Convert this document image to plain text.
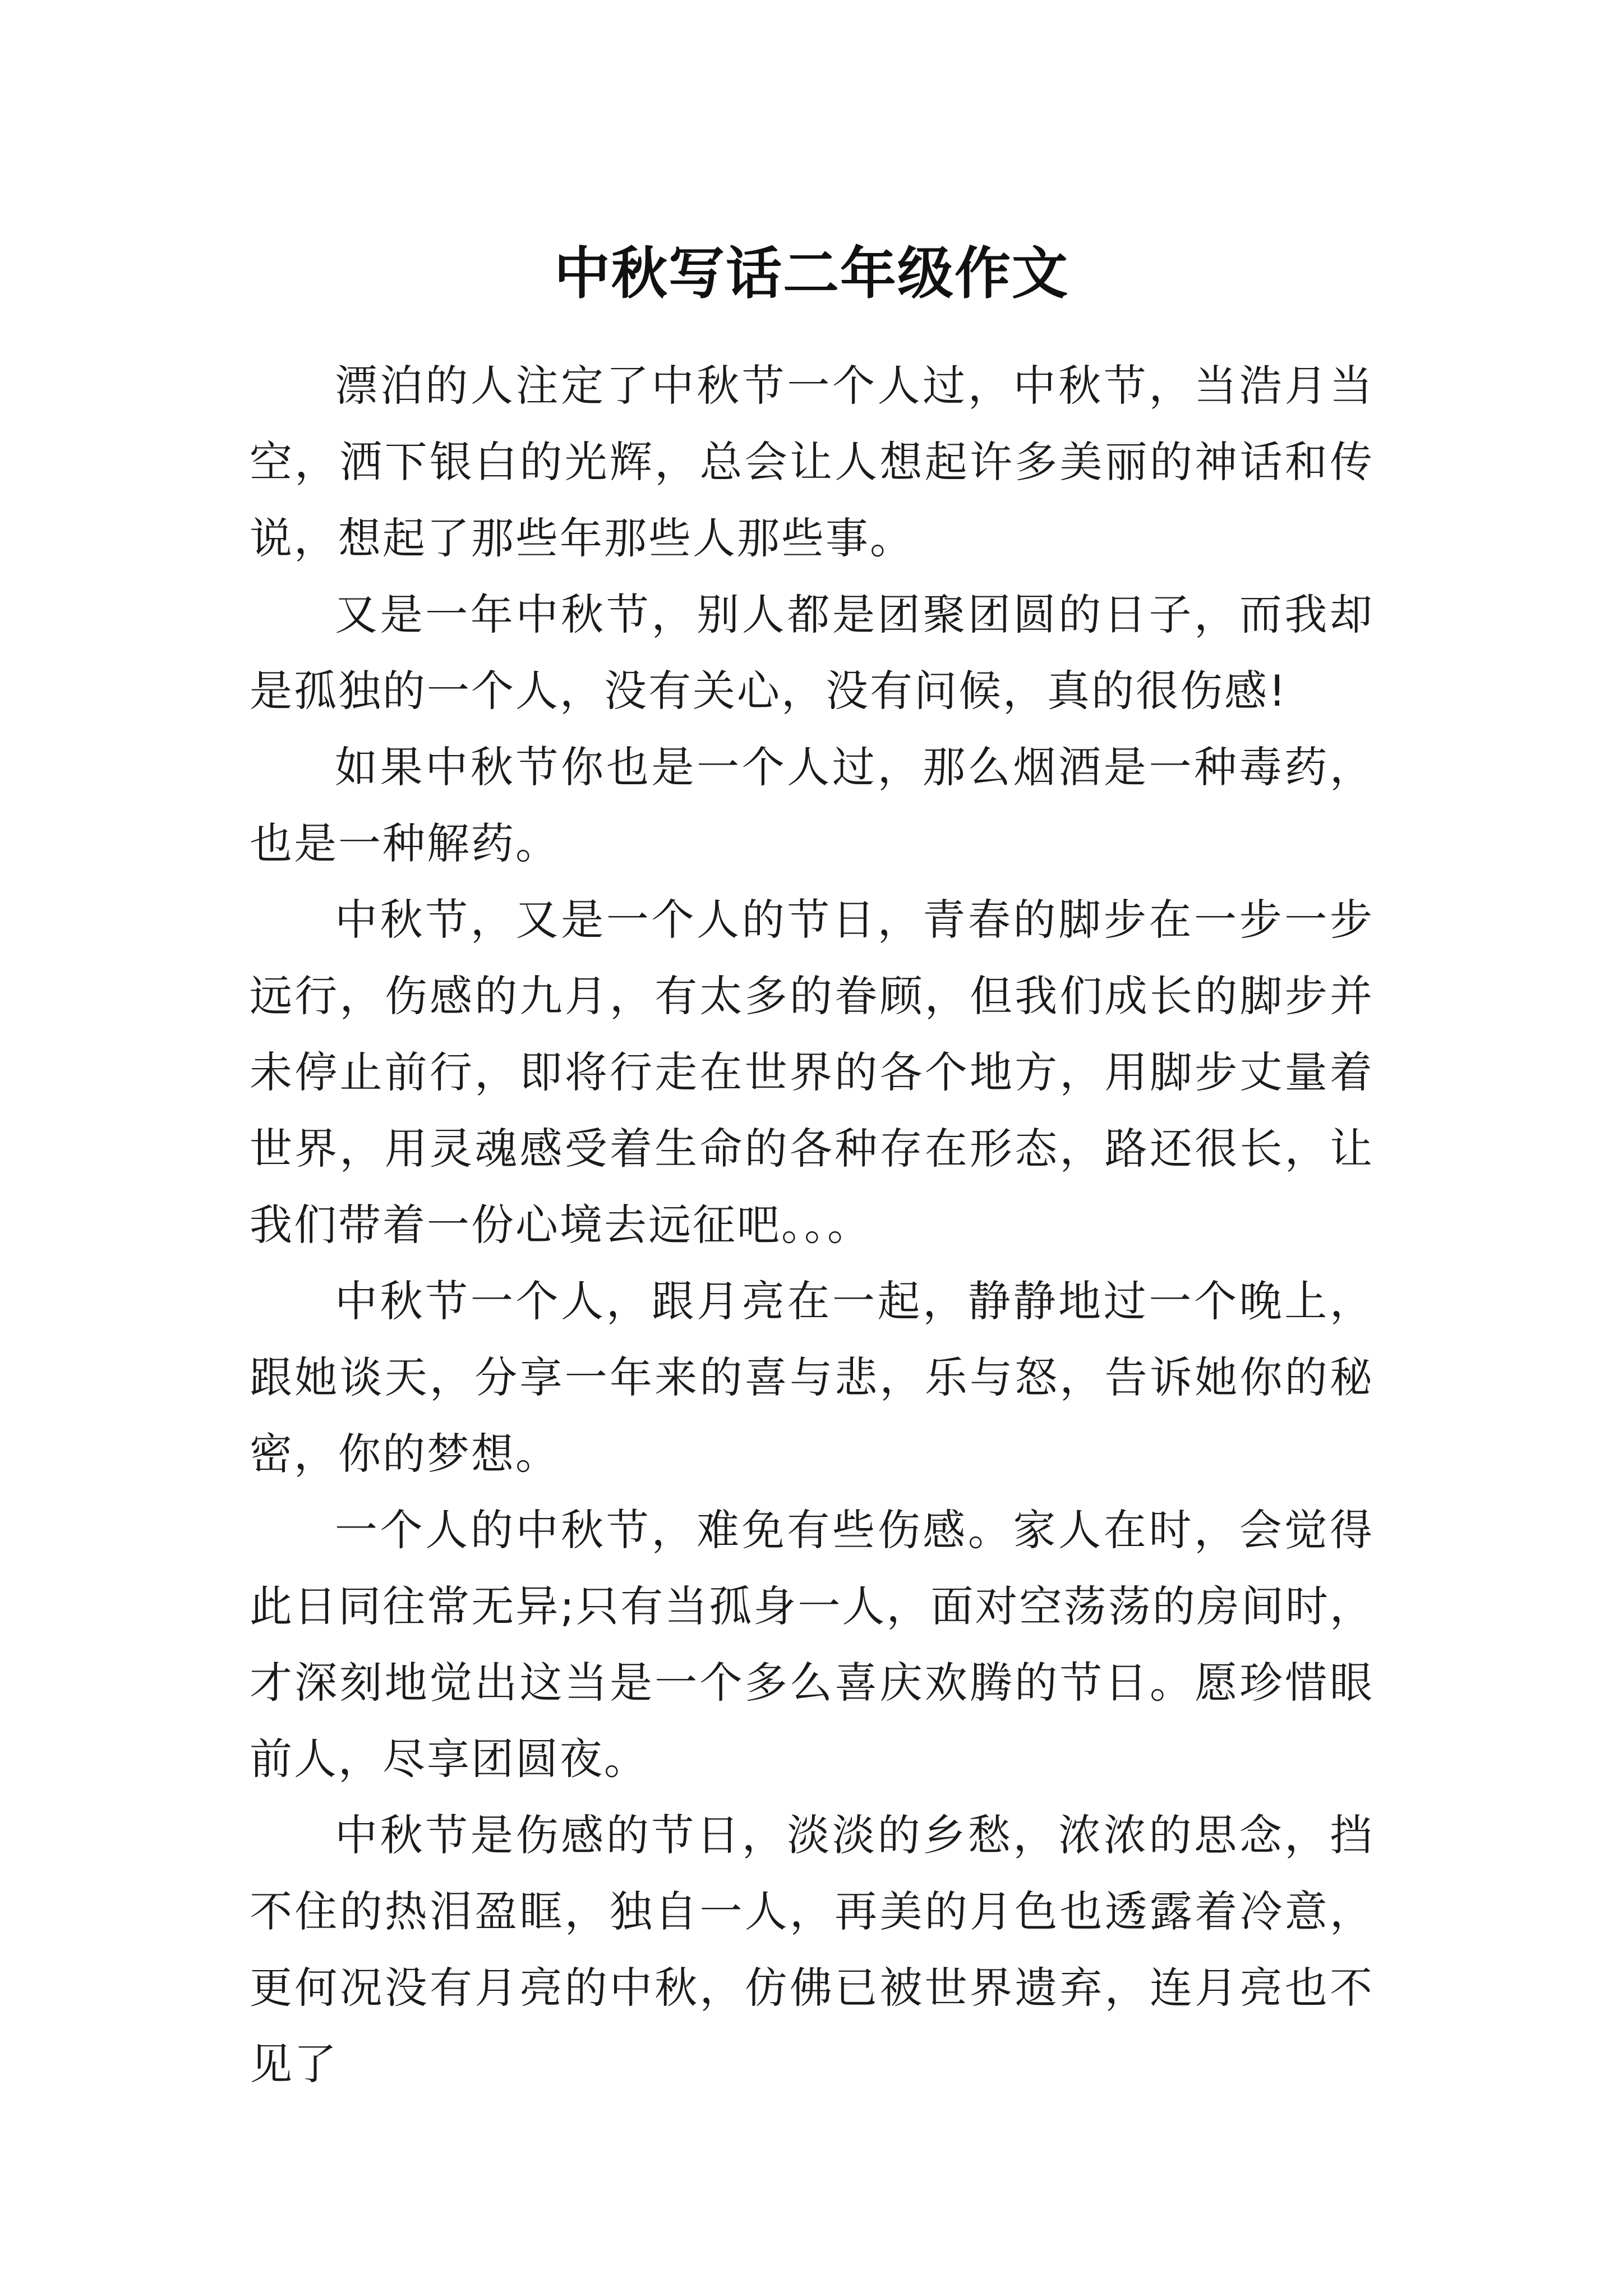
中秋写话二年级作文

漂泊的人注定了中秋节一个人过，中秋节，当浩月当空，洒下银白的光辉，总会让人想起许多美丽的神话和传说，想起了那些年那些人那些事。

又是一年中秋节，别人都是团聚团圆的日子，而我却是孤独的一个人，没有关心，没有问候，真的很伤感!

如果中秋节你也是一个人过，那么烟酒是一种毒药，也是一种解药。

中秋节，又是一个人的节日，青春的脚步在一步一步远行，伤感的九月，有太多的眷顾，但我们成长的脚步并未停止前行，即将行走在世界的各个地方，用脚步丈量着世界，用灵魂感受着生命的各种存在形态，路还很长，让我们带着一份心境去远征吧。。。

中秋节一个人，跟月亮在一起，静静地过一个晚上，跟她谈天，分享一年来的喜与悲，乐与怒，告诉她你的秘密，你的梦想。

一个人的中秋节，难免有些伤感。家人在时，会觉得此日同往常无异;只有当孤身一人，面对空荡荡的房间时，才深刻地觉出这当是一个多么喜庆欢腾的节日。愿珍惜眼前人，尽享团圆夜。

中秋节是伤感的节日，淡淡的乡愁，浓浓的思念，挡不住的热泪盈眶，独自一人，再美的月色也透露着冷意，更何况没有月亮的中秋，仿佛已被世界遗弃，连月亮也不见了
